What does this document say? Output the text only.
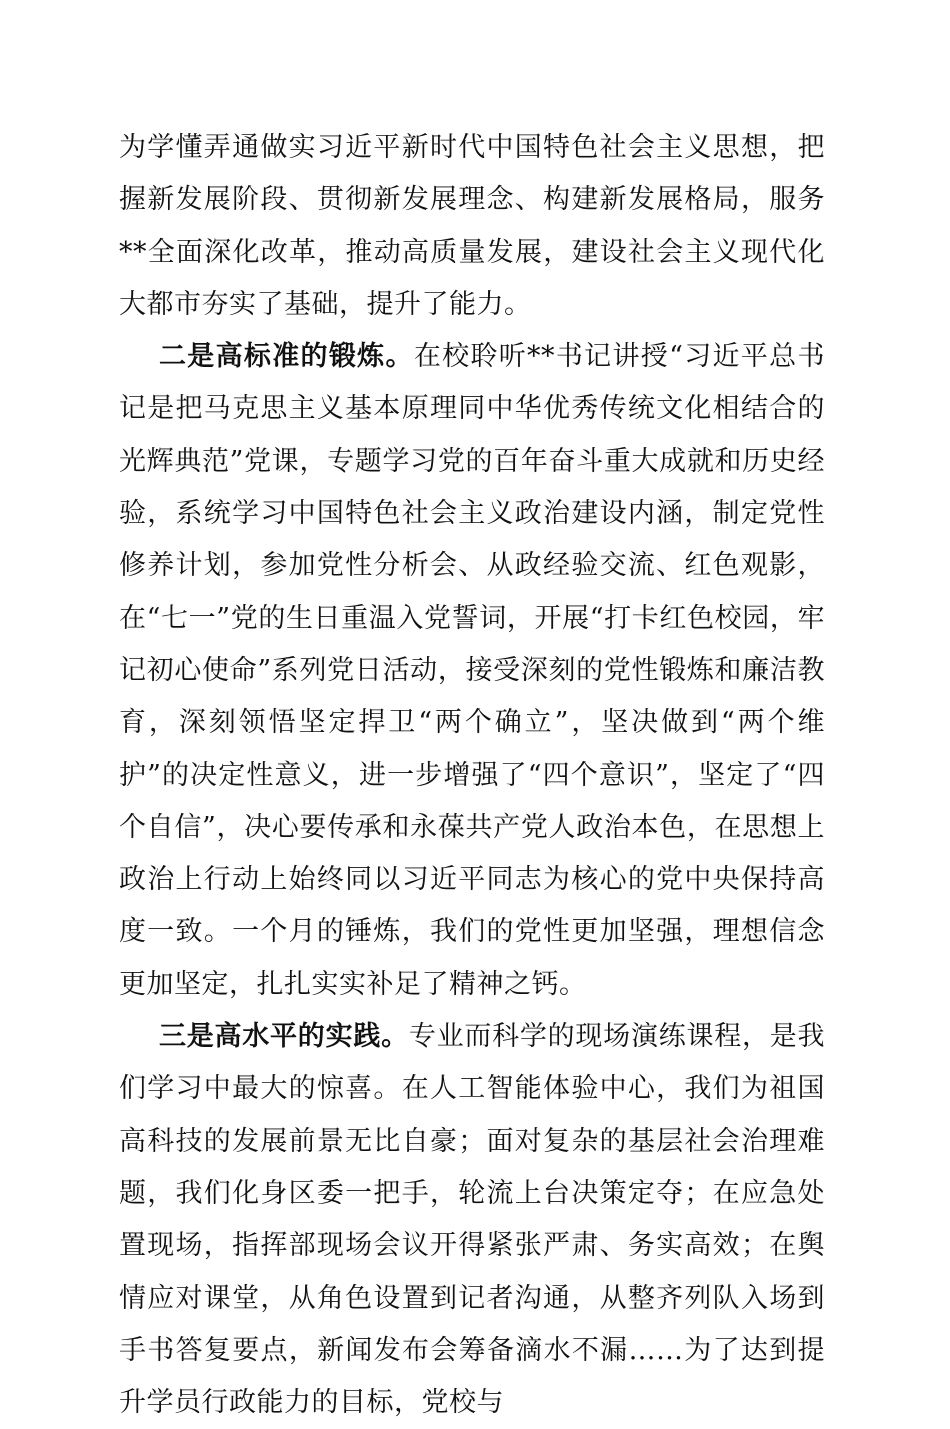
为学懂弄通做实习近平新时代中国特色社会主义思想，把握新发展阶段、贯彻新发展理念、构建新发展格局，服务**全面深化改革，推动高质量发展，建设社会主义现代化大都市夯实了基础，提升了能力。

二是高标准的锻炼。在校聆听**书记讲授“习近平总书记是把马克思主义基本原理同中华优秀传统文化相结合的光辉典范”党课，专题学习党的百年奋斗重大成就和历史经验，系统学习中国特色社会主义政治建设内涵，制定党性修养计划，参加党性分析会、从政经验交流、红色观影，在“七一”党的生日重温入党誓词，开展“打卡红色校园，牢记初心使命”系列党日活动，接受深刻的党性锻炼和廉洁教育，深刻领悟坚定捍卫“两个确立”，坚决做到“两个维护”的决定性意义，进一步增强了“四个意识”，坚定了“四个自信”，决心要传承和永葆共产党人政治本色，在思想上政治上行动上始终同以习近平同志为核心的党中央保持高度一致。一个月的锤炼，我们的党性更加坚强，理想信念更加坚定，扎扎实实补足了精神之钙。

三是高水平的实践。专业而科学的现场演练课程，是我们学习中最大的惊喜。在人工智能体验中心，我们为祖国高科技的发展前景无比自豪；面对复杂的基层社会治理难题，我们化身区委一把手，轮流上台决策定夺；在应急处置现场，指挥部现场会议开得紧张严肃、务实高效；在舆情应对课堂，从角色设置到记者沟通，从整齐列队入场到手书答复要点，新闻发布会筹备滴水不漏……为了达到提升学员行政能力的目标，党校与
